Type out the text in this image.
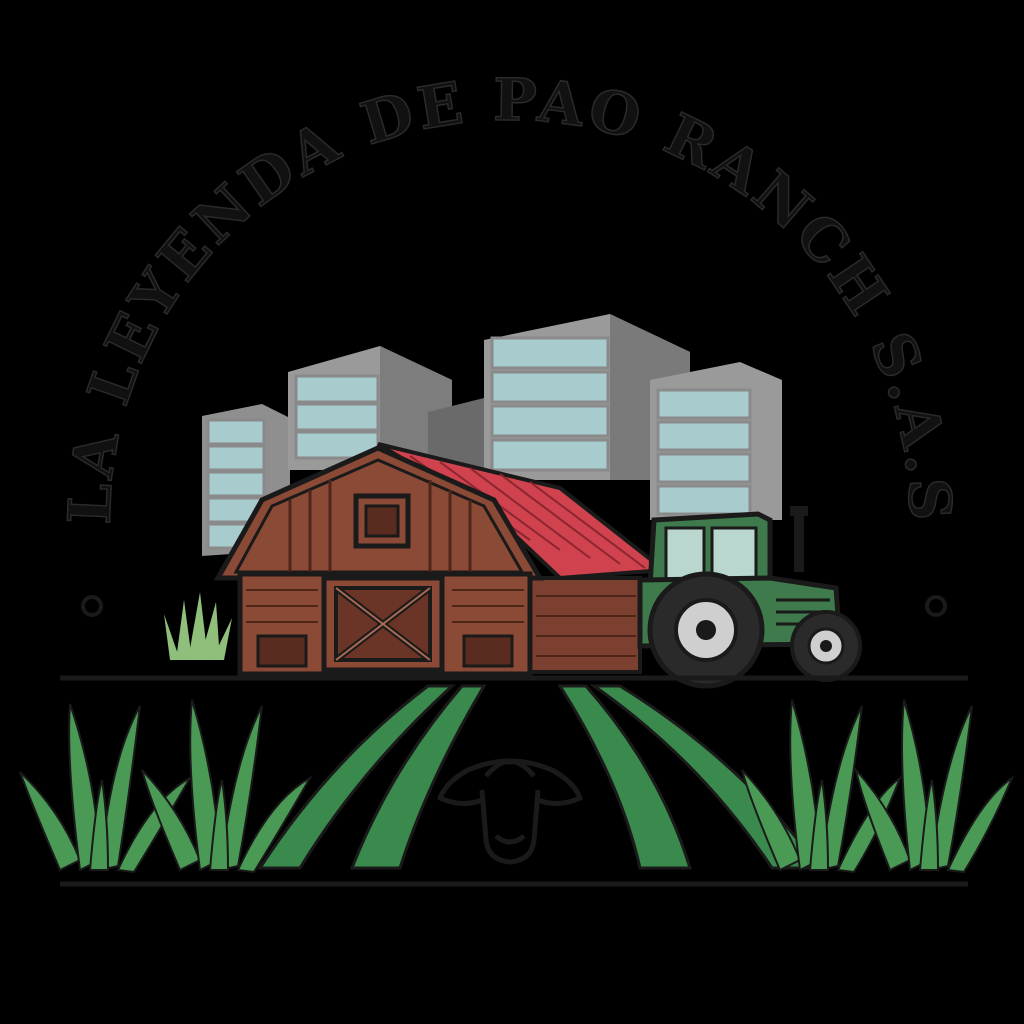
LA LEYENDA DE PAO RANCH S.A.S
